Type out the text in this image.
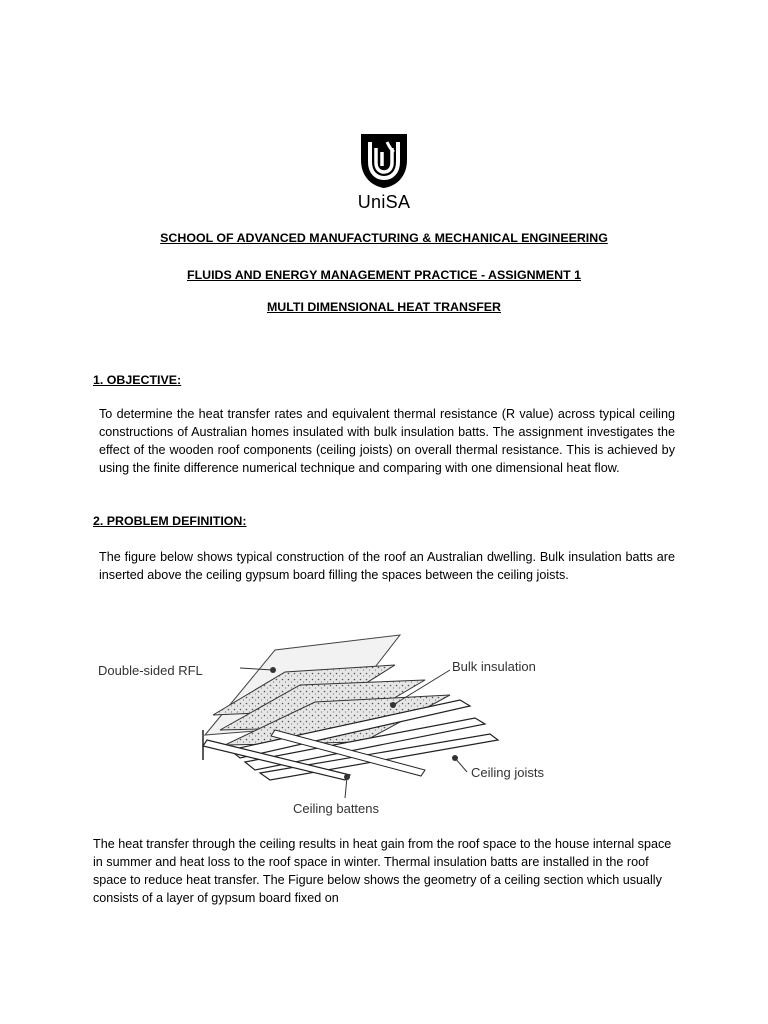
UniSA
SCHOOL OF ADVANCED MANUFACTURING & MECHANICAL ENGINEERING
FLUIDS AND ENERGY MANAGEMENT PRACTICE - ASSIGNMENT 1
MULTI DIMENSIONAL HEAT TRANSFER
1. OBJECTIVE:
To determine the heat transfer rates and equivalent thermal resistance (R value) across typical ceiling constructions of Australian homes insulated with bulk insulation batts. The assignment investigates the effect of the wooden roof components (ceiling joists) on overall thermal resistance. This is achieved by using the finite difference numerical technique and comparing with one dimensional heat flow.
2. PROBLEM DEFINITION:
The figure below shows typical construction of the roof an Australian dwelling. Bulk insulation batts are inserted above the ceiling gypsum board filling the spaces between the ceiling joists.
Double-sided RFL	Bulk insulation
Ceiling joists
Ceiling battens
The heat transfer through the ceiling results in heat gain from the roof space to the house internal space in summer and heat loss to the roof space in winter. Thermal insulation batts are installed in the roof space to reduce heat transfer. The Figure below shows the geometry of a ceiling section which usually consists of a layer of gypsum board fixed on
